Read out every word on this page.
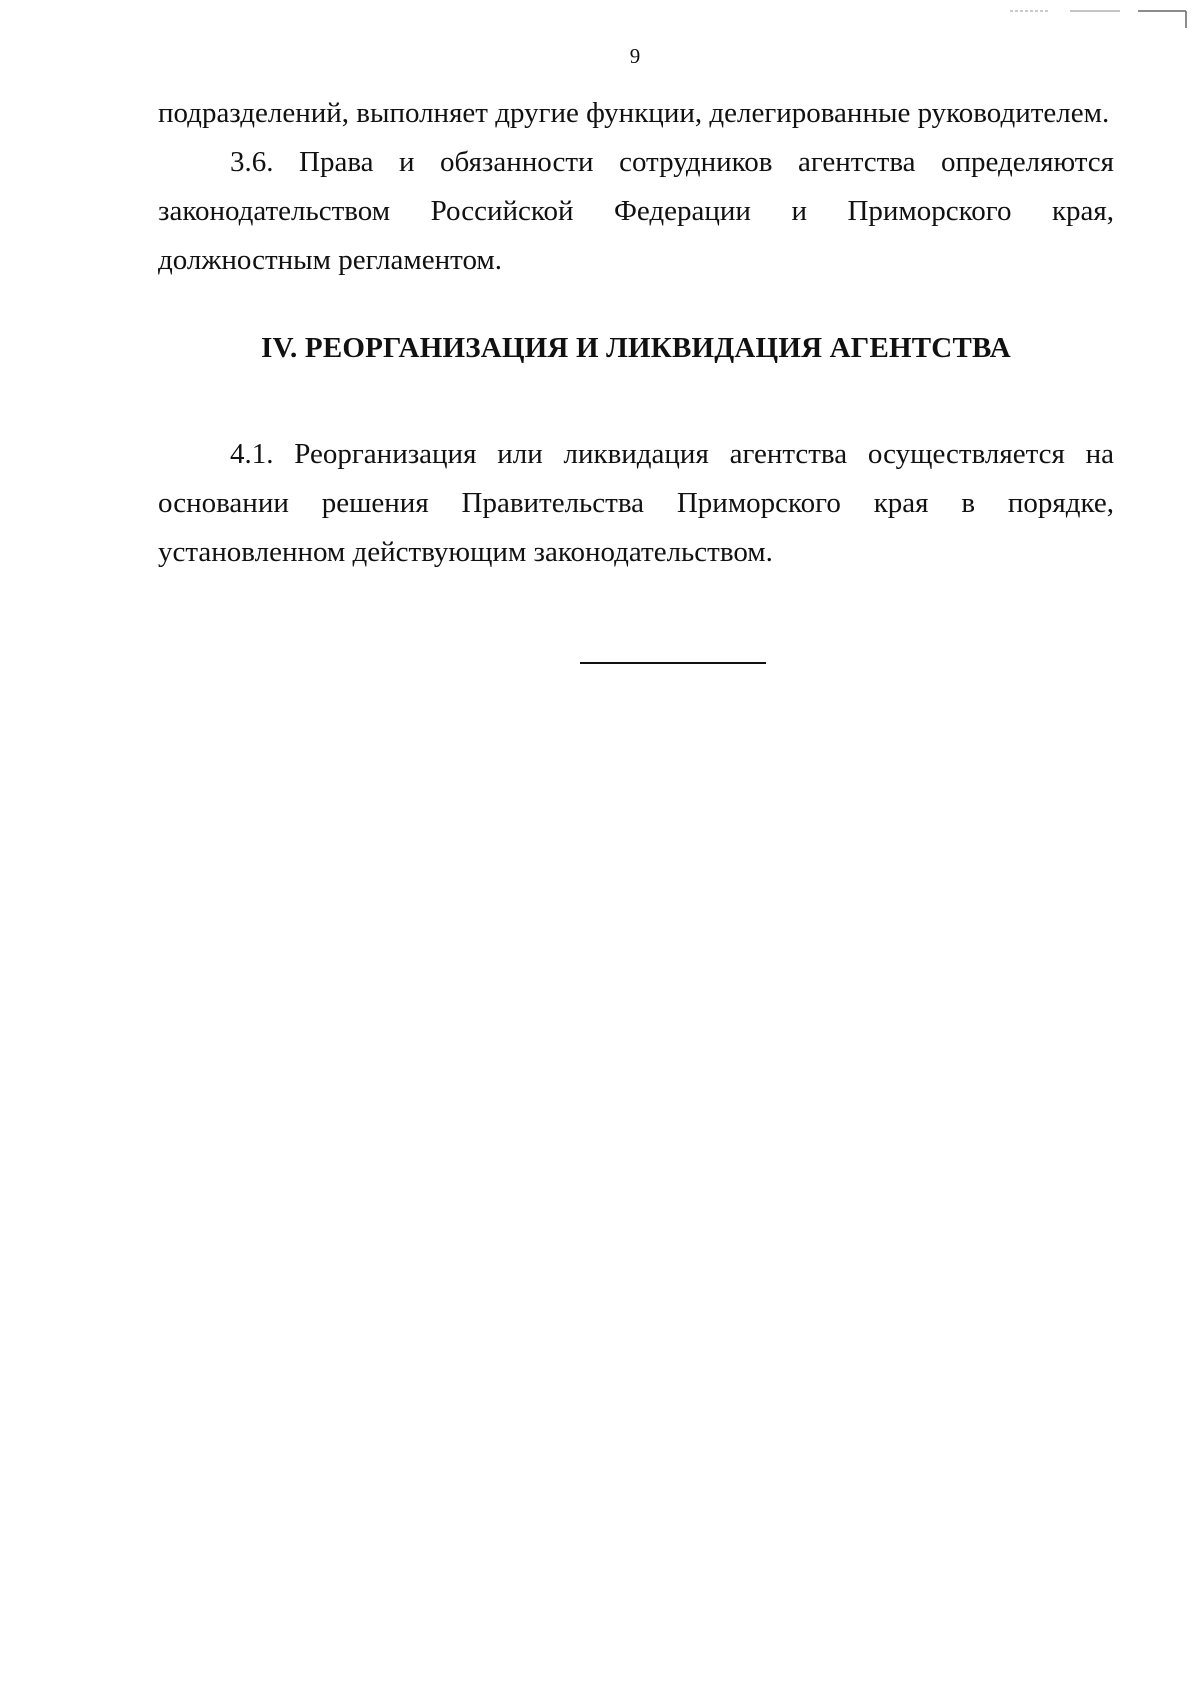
9

подразделений, выполняет другие функции, делегированные руководителем.

3.6. Права и обязанности сотрудников агентства определяются законодательством Российской Федерации и Приморского края, должностным регламентом.

IV. РЕОРГАНИЗАЦИЯ И ЛИКВИДАЦИЯ АГЕНТСТВА

4.1. Реорганизация или ликвидация агентства осуществляется на основании решения Правительства Приморского края в порядке, установленном действующим законодательством.
